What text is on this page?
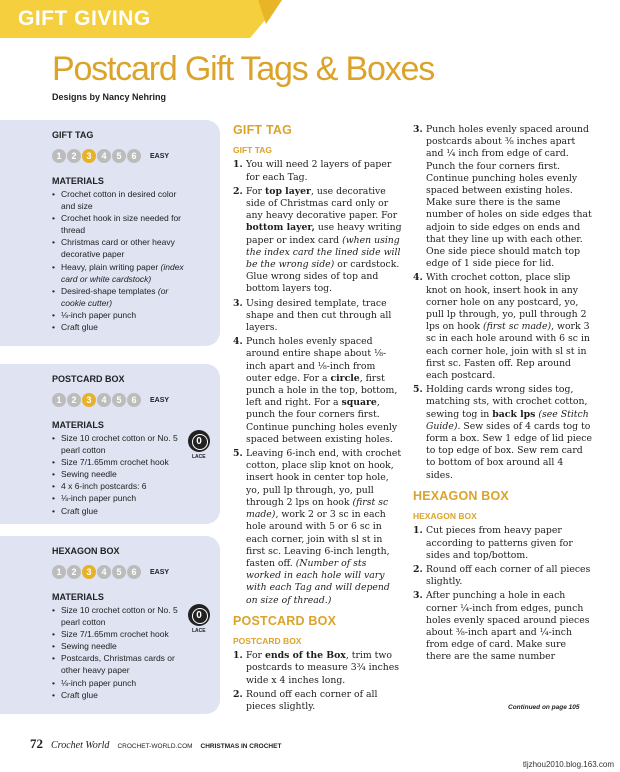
GIFT GIVING
Postcard Gift Tags & Boxes
Designs by Nancy Nehring
GIFT TAG
1	2	3	4	5	6	EASY
MATERIALS
• Crochet cotton in desired color and size
• Crochet hook in size needed for thread
• Christmas card or other heavy decorative paper
• Heavy, plain writing paper (index card or white cardstock)
• Desired-shape templates (or cookie cutter)
• ⅛-inch paper punch
• Craft glue
POSTCARD BOX
1	2	3	4	5	6	EASY
MATERIALS
• Size 10 crochet cotton or No. 5 pearl cotton
• Size 7/1.65mm crochet hook
• Sewing needle
• 4 x 6-inch postcards: 6
• ⅛-inch paper punch
• Craft glue
HEXAGON BOX
1	2	3	4	5	6	EASY
MATERIALS
• Size 10 crochet cotton or No. 5 pearl cotton
• Size 7/1.65mm crochet hook
• Sewing needle
• Postcards, Christmas cards or other heavy paper
• ⅛-inch paper punch
• Craft glue
0
LACE
0
LACE
GIFT TAG
GIFT TAG
1. You will need 2 layers of paper for each Tag.
2. For top layer, use decorative side of Christmas card only or any heavy decorative paper. For bottom layer, use heavy writing paper or index card (when using the index card the lined side will be the wrong side) or cardstock. Glue wrong sides of top and bottom layers tog.
3. Using desired template, trace shape and then cut through all layers.
4. Punch holes evenly spaced around entire shape about ⅛-inch apart and ⅛-inch from outer edge. For a circle, first punch a hole in the top, bottom, left and right. For a square, punch the four corners first. Continue punching holes evenly spaced between existing holes.
5. Leaving 6-inch end, with crochet cotton, place slip knot on hook, insert hook in center top hole, yo, pull lp through, yo, pull through 2 lps on hook (first sc made), work 2 or 3 sc in each hole around with 5 or 6 sc in each corner, join with sl st in first sc. Leaving 6-inch length, fasten off. (Number of sts worked in each hole will vary with each Tag and will depend on size of thread.)
POSTCARD BOX
POSTCARD BOX
1. For ends of the Box, trim two postcards to measure 3¾ inches wide x 4 inches long.
2. Round off each corner of all pieces slightly.
3. Punch holes evenly spaced around postcards about ⅜ inches apart and ¼ inch from edge of card. Punch the four corners first. Continue punching holes evenly spaced between existing holes. Make sure there is the same number of holes on side edges that adjoin to side edges on ends and that they line up with each other. One side piece should match top edge of 1 side piece for lid.
4. With crochet cotton, place slip knot on hook, insert hook in any corner hole on any postcard, yo, pull lp through, yo, pull through 2 lps on hook (first sc made), work 3 sc in each hole around with 6 sc in each corner hole, join with sl st in first sc. Fasten off. Rep around each postcard.
5. Holding cards wrong sides tog, matching sts, with crochet cotton, sewing tog in back lps (see Stitch Guide). Sew sides of 4 cards tog to form a box. Sew 1 edge of lid piece to top edge of box. Sew rem card to bottom of box around all 4 sides.
HEXAGON BOX
HEXAGON BOX
1. Cut pieces from heavy paper according to patterns given for sides and top/bottom.
2. Round off each corner of all pieces slightly.
3. After punching a hole in each corner ¼-inch from edges, punch holes evenly spaced around pieces about ⅜-inch apart and ¼-inch from edge of card. Make sure there are the same number
Continued on page 105
72 Crochet World CROCHET-WORLD.COM CHRISTMAS IN CROCHET
tljzhou2010.blog.163.com
